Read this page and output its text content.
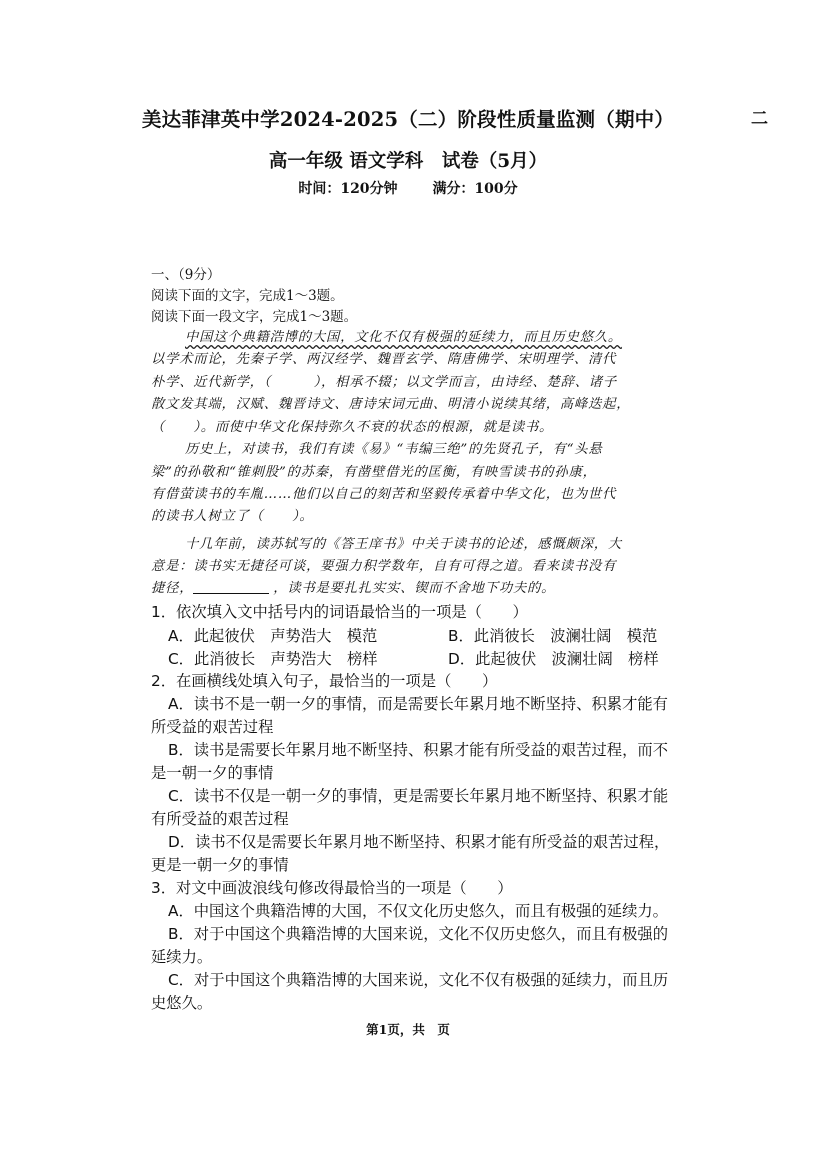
二
美达菲津英中学2024-2025（二）阶段性质量监测（期中）
高一年级 语文学科　试卷（5月）
时间：120分钟 满分：100分
一、（9分）
阅读下面的文字，完成1～3题。
阅读下面一段文字，完成1～3题。
中国这个典籍浩博的大国，文化不仅有极强的延续力，而且历史悠久。
以学术而论，先秦子学、两汉经学、魏晋玄学、隋唐佛学、宋明理学、清代
朴学、近代新学，（　　　），相承不辍；以文学而言，由诗经、楚辞、诸子
散文发其端，汉赋、魏晋诗文、唐诗宋词元曲、明清小说续其绪，高峰迭起，
（　　）。而使中华文化保持弥久不衰的状态的根源，就是读书。
历史上，对读书，我们有读《易》“韦编三绝”的先贤孔子，有“头悬
梁”的孙敬和“锥刺股”的苏秦，有凿壁借光的匡衡，有映雪读书的孙康，
有借萤读书的车胤……他们以自己的刻苦和坚毅传承着中华文化，也为世代
的读书人树立了（　　）。
十几年前，读苏轼写的《答王庠书》中关于读书的论述，感慨颇深，大
意是：读书实无捷径可谈，要强力积学数年，自有可得之道。看来读书没有
捷径，	，读书是要扎扎实实、锲而不舍地下功夫的。
1．依次填入文中括号内的词语最恰当的一项是（　　）
A．此起彼伏　声势浩大　模范	B．此消彼长　波澜壮阔　模范
C．此消彼长　声势浩大　榜样	D．此起彼伏　波澜壮阔　榜样
2．在画横线处填入句子，最恰当的一项是（　　）
A．读书不是一朝一夕的事情，而是需要长年累月地不断坚持、积累才能有
所受益的艰苦过程
B．读书是需要长年累月地不断坚持、积累才能有所受益的艰苦过程，而不
是一朝一夕的事情
C．读书不仅是一朝一夕的事情，更是需要长年累月地不断坚持、积累才能
有所受益的艰苦过程
D．读书不仅是需要长年累月地不断坚持、积累才能有所受益的艰苦过程，
更是一朝一夕的事情
3．对文中画波浪线句修改得最恰当的一项是（　　）
A．中国这个典籍浩博的大国，不仅文化历史悠久，而且有极强的延续力。
B．对于中国这个典籍浩博的大国来说，文化不仅历史悠久，而且有极强的
延续力。
C．对于中国这个典籍浩博的大国来说，文化不仅有极强的延续力，而且历
史悠久。
第1页，共　页
